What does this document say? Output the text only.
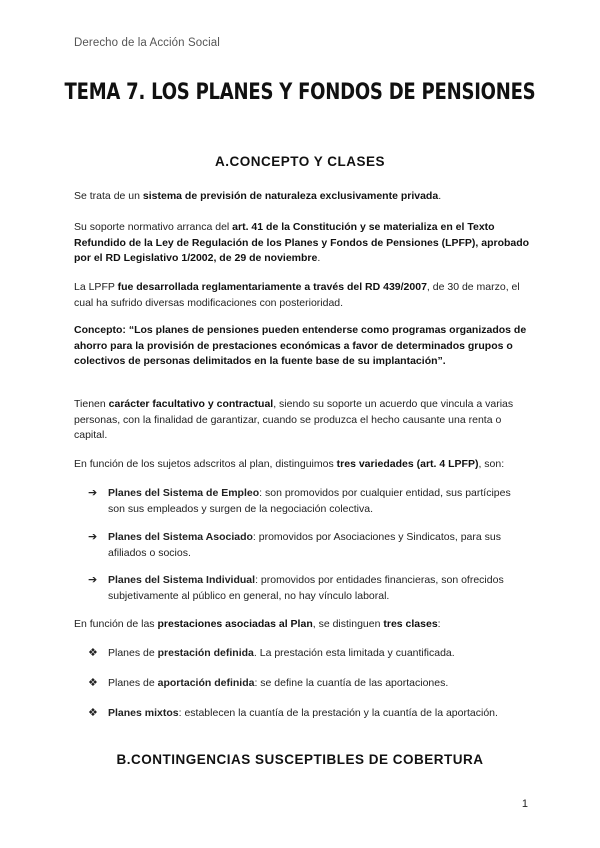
Derecho de la Acción Social
TEMA 7. LOS PLANES Y FONDOS DE PENSIONES
A.CONCEPTO Y CLASES
Se trata de un sistema de previsión de naturaleza exclusivamente privada.
Su soporte normativo arranca del art. 41 de la Constitución y se materializa en el Texto Refundido de la Ley de Regulación de los Planes y Fondos de Pensiones (LPFP), aprobado por el RD Legislativo 1/2002, de 29 de noviembre.
La LPFP fue desarrollada reglamentariamente a través del RD 439/2007, de 30 de marzo, el cual ha sufrido diversas modificaciones con posterioridad.
Concepto: “Los planes de pensiones pueden entenderse como programas organizados de ahorro para la provisión de prestaciones económicas a favor de determinados grupos o colectivos de personas delimitados en la fuente base de su implantación”.
Tienen carácter facultativo y contractual, siendo su soporte un acuerdo que vincula a varias personas, con la finalidad de garantizar, cuando se produzca el hecho causante una renta o capital.
En función de los sujetos adscritos al plan, distinguimos tres variedades (art. 4 LPFP), son:
➔ Planes del Sistema de Empleo: son promovidos por cualquier entidad, sus partícipes son sus empleados y surgen de la negociación colectiva.
➔ Planes del Sistema Asociado: promovidos por Asociaciones y Sindicatos, para sus afiliados o socios.
➔ Planes del Sistema Individual: promovidos por entidades financieras, son ofrecidos subjetivamente al público en general, no hay vínculo laboral.
En función de las prestaciones asociadas al Plan, se distinguen tres clases:
❖ Planes de prestación definida. La prestación esta limitada y cuantificada.
❖ Planes de aportación definida: se define la cuantía de las aportaciones.
❖ Planes mixtos: establecen la cuantía de la prestación y la cuantía de la aportación.
B.CONTINGENCIAS SUSCEPTIBLES DE COBERTURA
1
